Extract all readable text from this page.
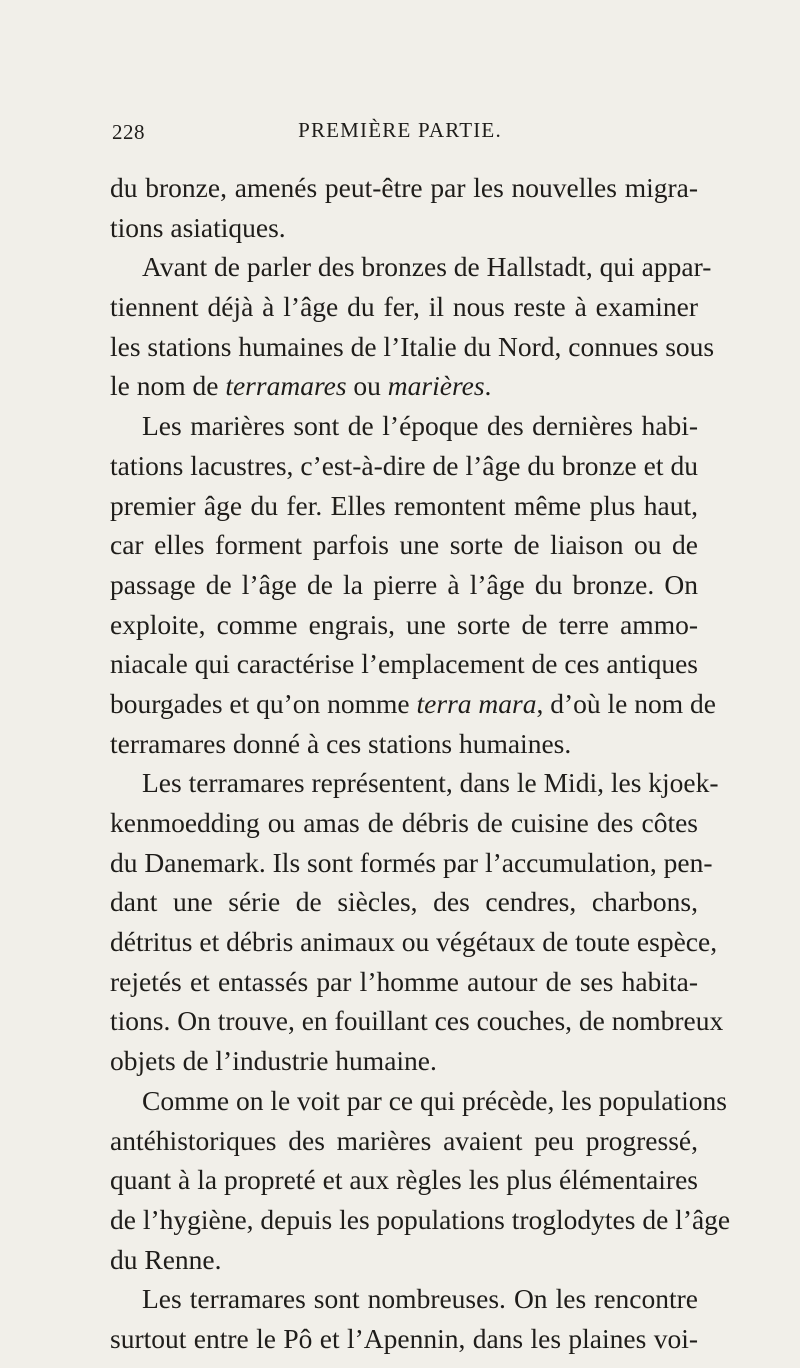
228	PREMIÈRE PARTIE.
du bronze, amenés peut-être par les nouvelles migra-
tions asiatiques.
Avant de parler des bronzes de Hallstadt, qui appar-
tiennent déjà à l’âge du fer, il nous reste à examiner
les stations humaines de l’Italie du Nord, connues sous
le nom de terramares ou marières.
Les marières sont de l’époque des dernières habi-
tations lacustres, c’est-à-dire de l’âge du bronze et du
premier âge du fer. Elles remontent même plus haut,
car elles forment parfois une sorte de liaison ou de
passage de l’âge de la pierre à l’âge du bronze. On
exploite, comme engrais, une sorte de terre ammo-
niacale qui caractérise l’emplacement de ces antiques
bourgades et qu’on nomme terra mara, d’où le nom de
terramares donné à ces stations humaines.
Les terramares représentent, dans le Midi, les kjoek-
kenmoedding ou amas de débris de cuisine des côtes
du Danemark. Ils sont formés par l’accumulation, pen-
dant une série de siècles, des cendres, charbons,
détritus et débris animaux ou végétaux de toute espèce,
rejetés et entassés par l’homme autour de ses habita-
tions. On trouve, en fouillant ces couches, de nombreux
objets de l’industrie humaine.
Comme on le voit par ce qui précède, les populations
antéhistoriques des marières avaient peu progressé,
quant à la propreté et aux règles les plus élémentaires
de l’hygiène, depuis les populations troglodytes de l’âge
du Renne.
Les terramares sont nombreuses. On les rencontre
surtout entre le Pô et l’Apennin, dans les plaines voi-
